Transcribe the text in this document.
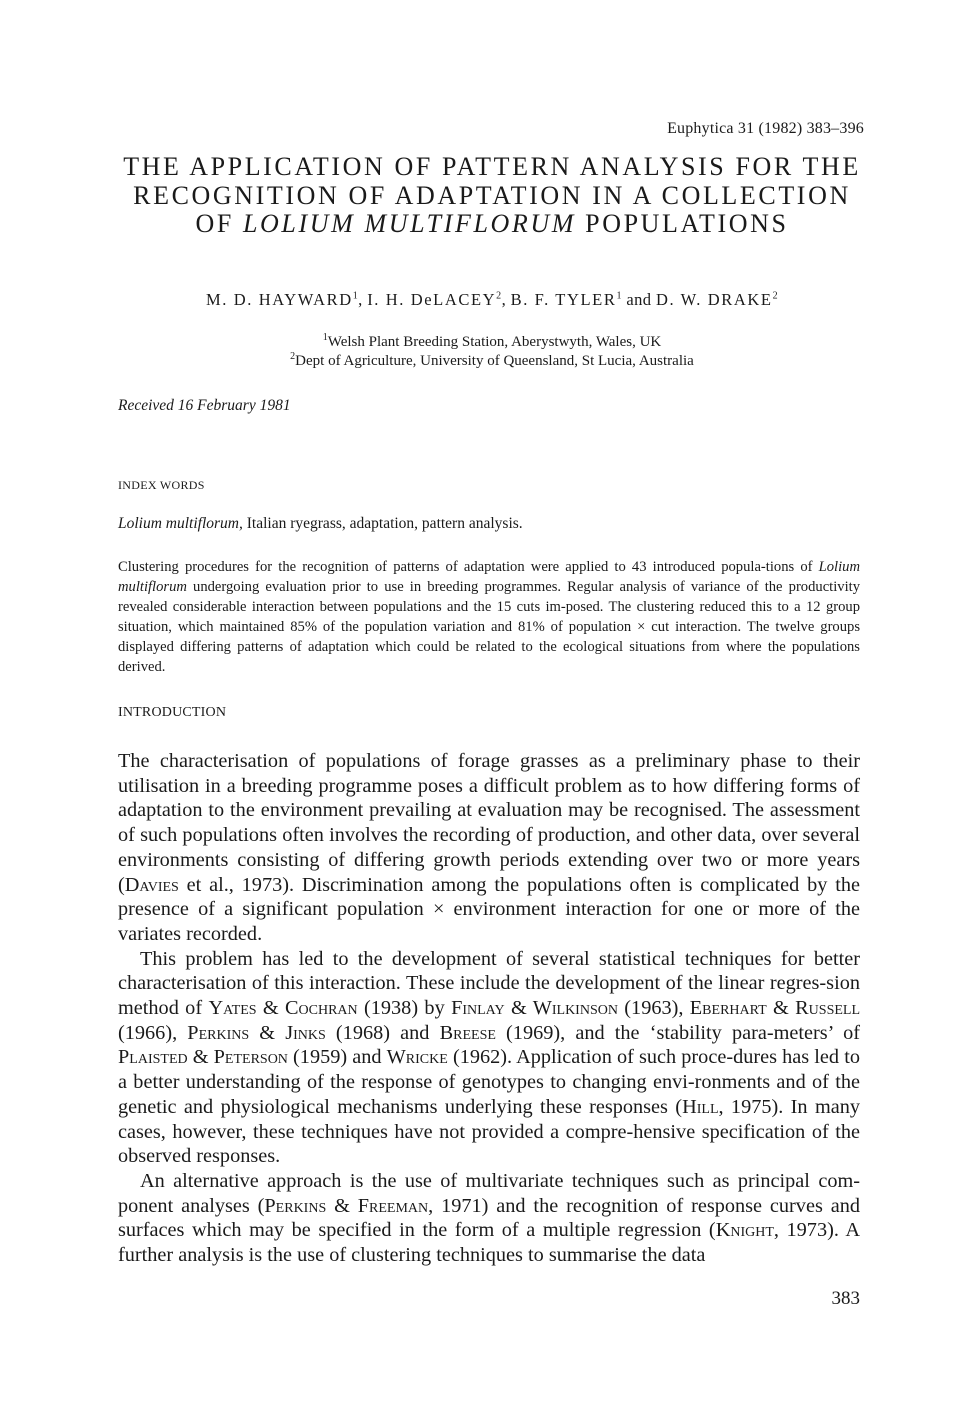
Euphytica 31 (1982) 383–396
THE APPLICATION OF PATTERN ANALYSIS FOR THE RECOGNITION OF ADAPTATION IN A COLLECTION OF LOLIUM MULTIFLORUM POPULATIONS
M. D. HAYWARD$^1$, I. H. DeLACEY$^2$, B. F. TYLER$^1$ and D. W. DRAKE$^2$
$^1$Welsh Plant Breeding Station, Aberystwyth, Wales, UK
$^2$Dept of Agriculture, University of Queensland, St Lucia, Australia
Received 16 February 1981
INDEX WORDS
Lolium multiflorum, Italian ryegrass, adaptation, pattern analysis.
Clustering procedures for the recognition of patterns of adaptation were applied to 43 introduced popula-tions of Lolium multiflorum undergoing evaluation prior to use in breeding programmes. Regular analysis of variance of the productivity revealed considerable interaction between populations and the 15 cuts im-posed. The clustering reduced this to a 12 group situation, which maintained 85% of the population variation and 81% of population × cut interaction. The twelve groups displayed differing patterns of adaptation which could be related to the ecological situations from where the populations derived.
INTRODUCTION

The characterisation of populations of forage grasses as a preliminary phase to their utilisation in a breeding programme poses a difficult problem as to how differing forms of adaptation to the environment prevailing at evaluation may be recognised. The assessment of such populations often involves the recording of production, and other data, over several environments consisting of differing growth periods extending over two or more years (Davies et al., 1973). Discrimination among the populations often is complicated by the presence of a significant population × environment interaction for one or more of the variates recorded.

This problem has led to the development of several statistical techniques for better characterisation of this interaction. These include the development of the linear regres-sion method of Yates & Cochran (1938) by Finlay & Wilkinson (1963), Eberhart & Russell (1966), Perkins & Jinks (1968) and Breese (1969), and the ‘stability para-meters’ of Plaisted & Peterson (1959) and Wricke (1962). Application of such proce-dures has led to a better understanding of the response of genotypes to changing envi-ronments and of the genetic and physiological mechanisms underlying these responses (Hill, 1975). In many cases, however, these techniques have not provided a compre-hensive specification of the observed responses.

An alternative approach is the use of multivariate techniques such as principal com-ponent analyses (Perkins & Freeman, 1971) and the recognition of response curves and surfaces which may be specified in the form of a multiple regression (Knight, 1973). A further analysis is the use of clustering techniques to summarise the data

383
